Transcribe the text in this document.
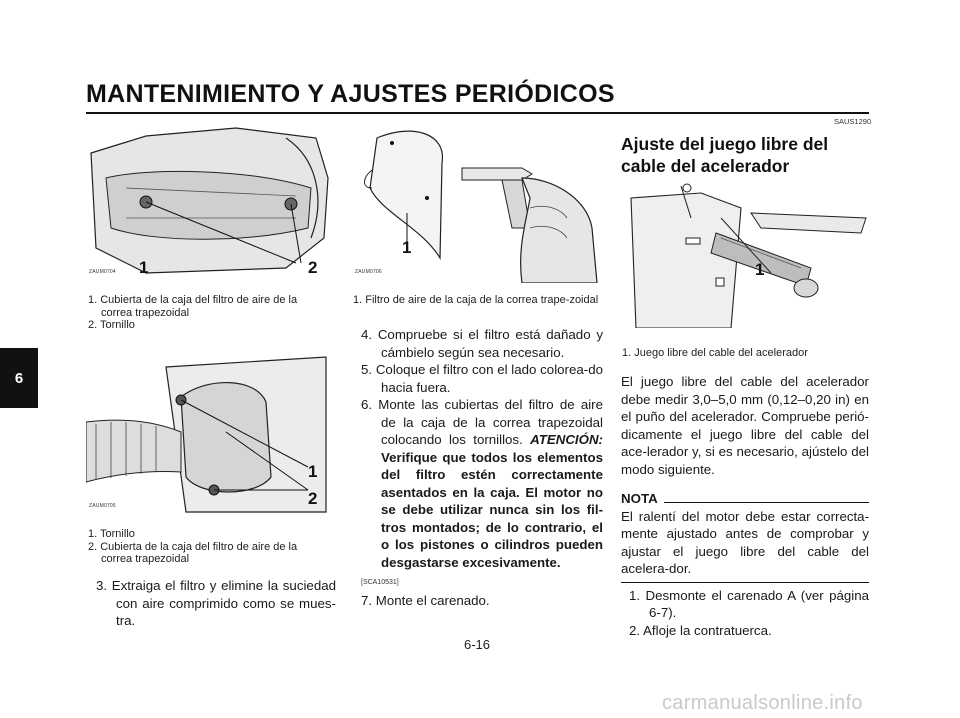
MANTENIMIENTO Y AJUSTES PERIÓDICOS
6
ZAUM0704 1	2
1. Cubierta de la caja del filtro de aire de la correa trapezoidal
2. Tornillo
ZAUM0705
1
2
1. Tornillo
2. Cubierta de la caja del filtro de aire de la correa trapezoidal
3. Extraiga el filtro y elimine la suciedad con aire comprimido como se mues-tra.
ZAUM0706
1
1. Filtro de aire de la caja de la correa trape-zoidal
4. Compruebe si el filtro está dañado y cámbielo según sea necesario.
5. Coloque el filtro con el lado colorea-do hacia fuera.
6. Monte las cubiertas del filtro de aire de la caja de la correa trapezoidal colocando los tornillos. ATENCIÓN: Verifique que todos los elementos del filtro estén correctamente asentados en la caja. El motor no se debe utilizar nunca sin los fil-tros montados; de lo contrario, el o los pistones o cilindros pueden desgastarse excesivamente.
[SCA10531]
7. Monte el carenado.
SAUS1290
Ajuste del juego libre del cable del acelerador
1
1. Juego libre del cable del acelerador
El juego libre del cable del acelerador debe medir 3,0–5,0 mm (0,12–0,20 in) en el puño del acelerador. Compruebe perió-dicamente el juego libre del cable del ace-lerador y, si es necesario, ajústelo del modo siguiente.
NOTA
El ralentí del motor debe estar correcta-mente ajustado antes de comprobar y ajustar el juego libre del cable del acelera-dor.
1. Desmonte el carenado A (ver página 6-7).
2. Afloje la contratuerca.
6-16
carmanualsonline.info
